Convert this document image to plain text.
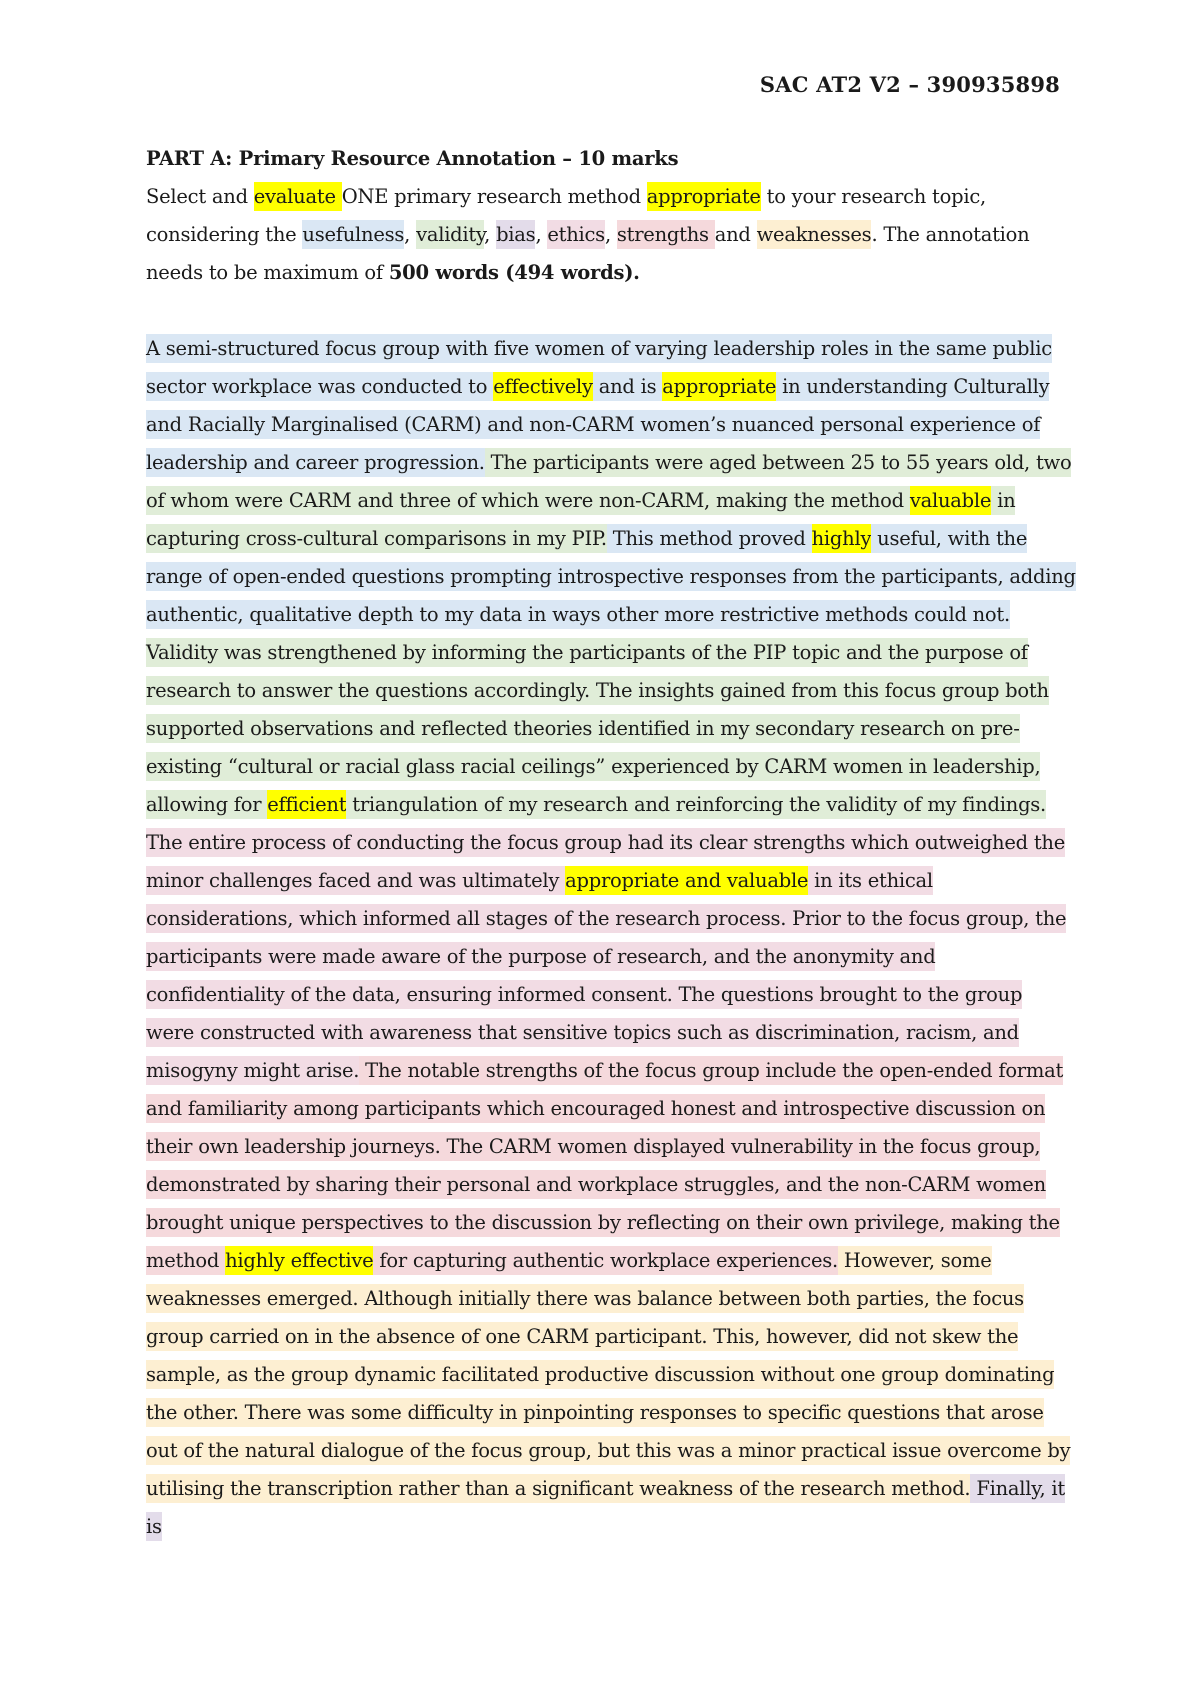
SAC AT2 V2 – 390935898

PART A: Primary Resource Annotation – 10 marks

Select and evaluate ONE primary research method appropriate to your research topic, considering the usefulness, validity, bias, ethics, strengths and weaknesses. The annotation needs to be maximum of 500 words (494 words).

A semi-structured focus group with five women of varying leadership roles in the same public sector workplace was conducted to effectively and is appropriate in understanding Culturally and Racially Marginalised (CARM) and non-CARM women’s nuanced personal experience of leadership and career progression. The participants were aged between 25 to 55 years old, two of whom were CARM and three of which were non-CARM, making the method valuable in capturing cross-cultural comparisons in my PIP. This method proved highly useful, with the range of open-ended questions prompting introspective responses from the participants, adding authentic, qualitative depth to my data in ways other more restrictive methods could not. Validity was strengthened by informing the participants of the PIP topic and the purpose of research to answer the questions accordingly. The insights gained from this focus group both supported observations and reflected theories identified in my secondary research on pre-existing “cultural or racial glass racial ceilings” experienced by CARM women in leadership, allowing for efficient triangulation of my research and reinforcing the validity of my findings. The entire process of conducting the focus group had its clear strengths which outweighed the minor challenges faced and was ultimately appropriate and valuable in its ethical considerations, which informed all stages of the research process. Prior to the focus group, the participants were made aware of the purpose of research, and the anonymity and confidentiality of the data, ensuring informed consent. The questions brought to the group were constructed with awareness that sensitive topics such as discrimination, racism, and misogyny might arise. The notable strengths of the focus group include the open-ended format and familiarity among participants which encouraged honest and introspective discussion on their own leadership journeys. The CARM women displayed vulnerability in the focus group, demonstrated by sharing their personal and workplace struggles, and the non-CARM women brought unique perspectives to the discussion by reflecting on their own privilege, making the method highly effective for capturing authentic workplace experiences. However, some weaknesses emerged. Although initially there was balance between both parties, the focus group carried on in the absence of one CARM participant. This, however, did not skew the sample, as the group dynamic facilitated productive discussion without one group dominating the other. There was some difficulty in pinpointing responses to specific questions that arose out of the natural dialogue of the focus group, but this was a minor practical issue overcome by utilising the transcription rather than a significant weakness of the research method. Finally, it is
